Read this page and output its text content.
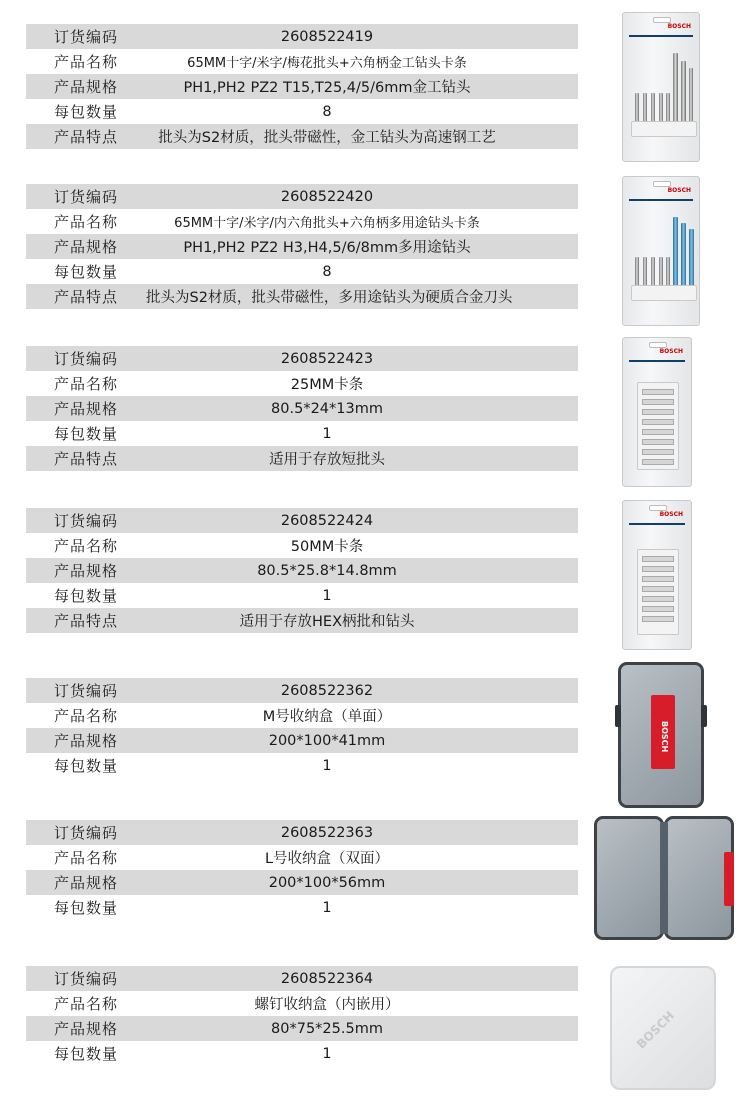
订货编码	2608522419
产品名称	65MM十字/米字/梅花批头+六角柄金工钻头卡条
产品规格	PH1,PH2 PZ2 T15,T25,4/5/6mm金工钻头
每包数量	8
产品特点	批头为S2材质，批头带磁性，金工钻头为高速钢工艺
订货编码	2608522420
产品名称	65MM十字/米字/内六角批头+六角柄多用途钻头卡条
产品规格	PH1,PH2 PZ2 H3,H4,5/6/8mm多用途钻头
每包数量	8
产品特点	批头为S2材质，批头带磁性，多用途钻头为硬质合金刀头
订货编码	2608522423
产品名称	25MM卡条
产品规格	80.5*24*13mm
每包数量	1
产品特点	适用于存放短批头
订货编码	2608522424
产品名称	50MM卡条
产品规格	80.5*25.8*14.8mm
每包数量	1
产品特点	适用于存放HEX柄批和钻头
订货编码	2608522362
产品名称	M号收纳盒（单面）
产品规格	200*100*41mm
每包数量	1
订货编码	2608522363
产品名称	L号收纳盒（双面）
产品规格	200*100*56mm
每包数量	1
订货编码	2608522364
产品名称	螺钉收纳盒（内嵌用）
产品规格	80*75*25.5mm
每包数量	1
BOSCH
BOSCH
BOSCH
BOSCH
BOSCH
BOSCH
